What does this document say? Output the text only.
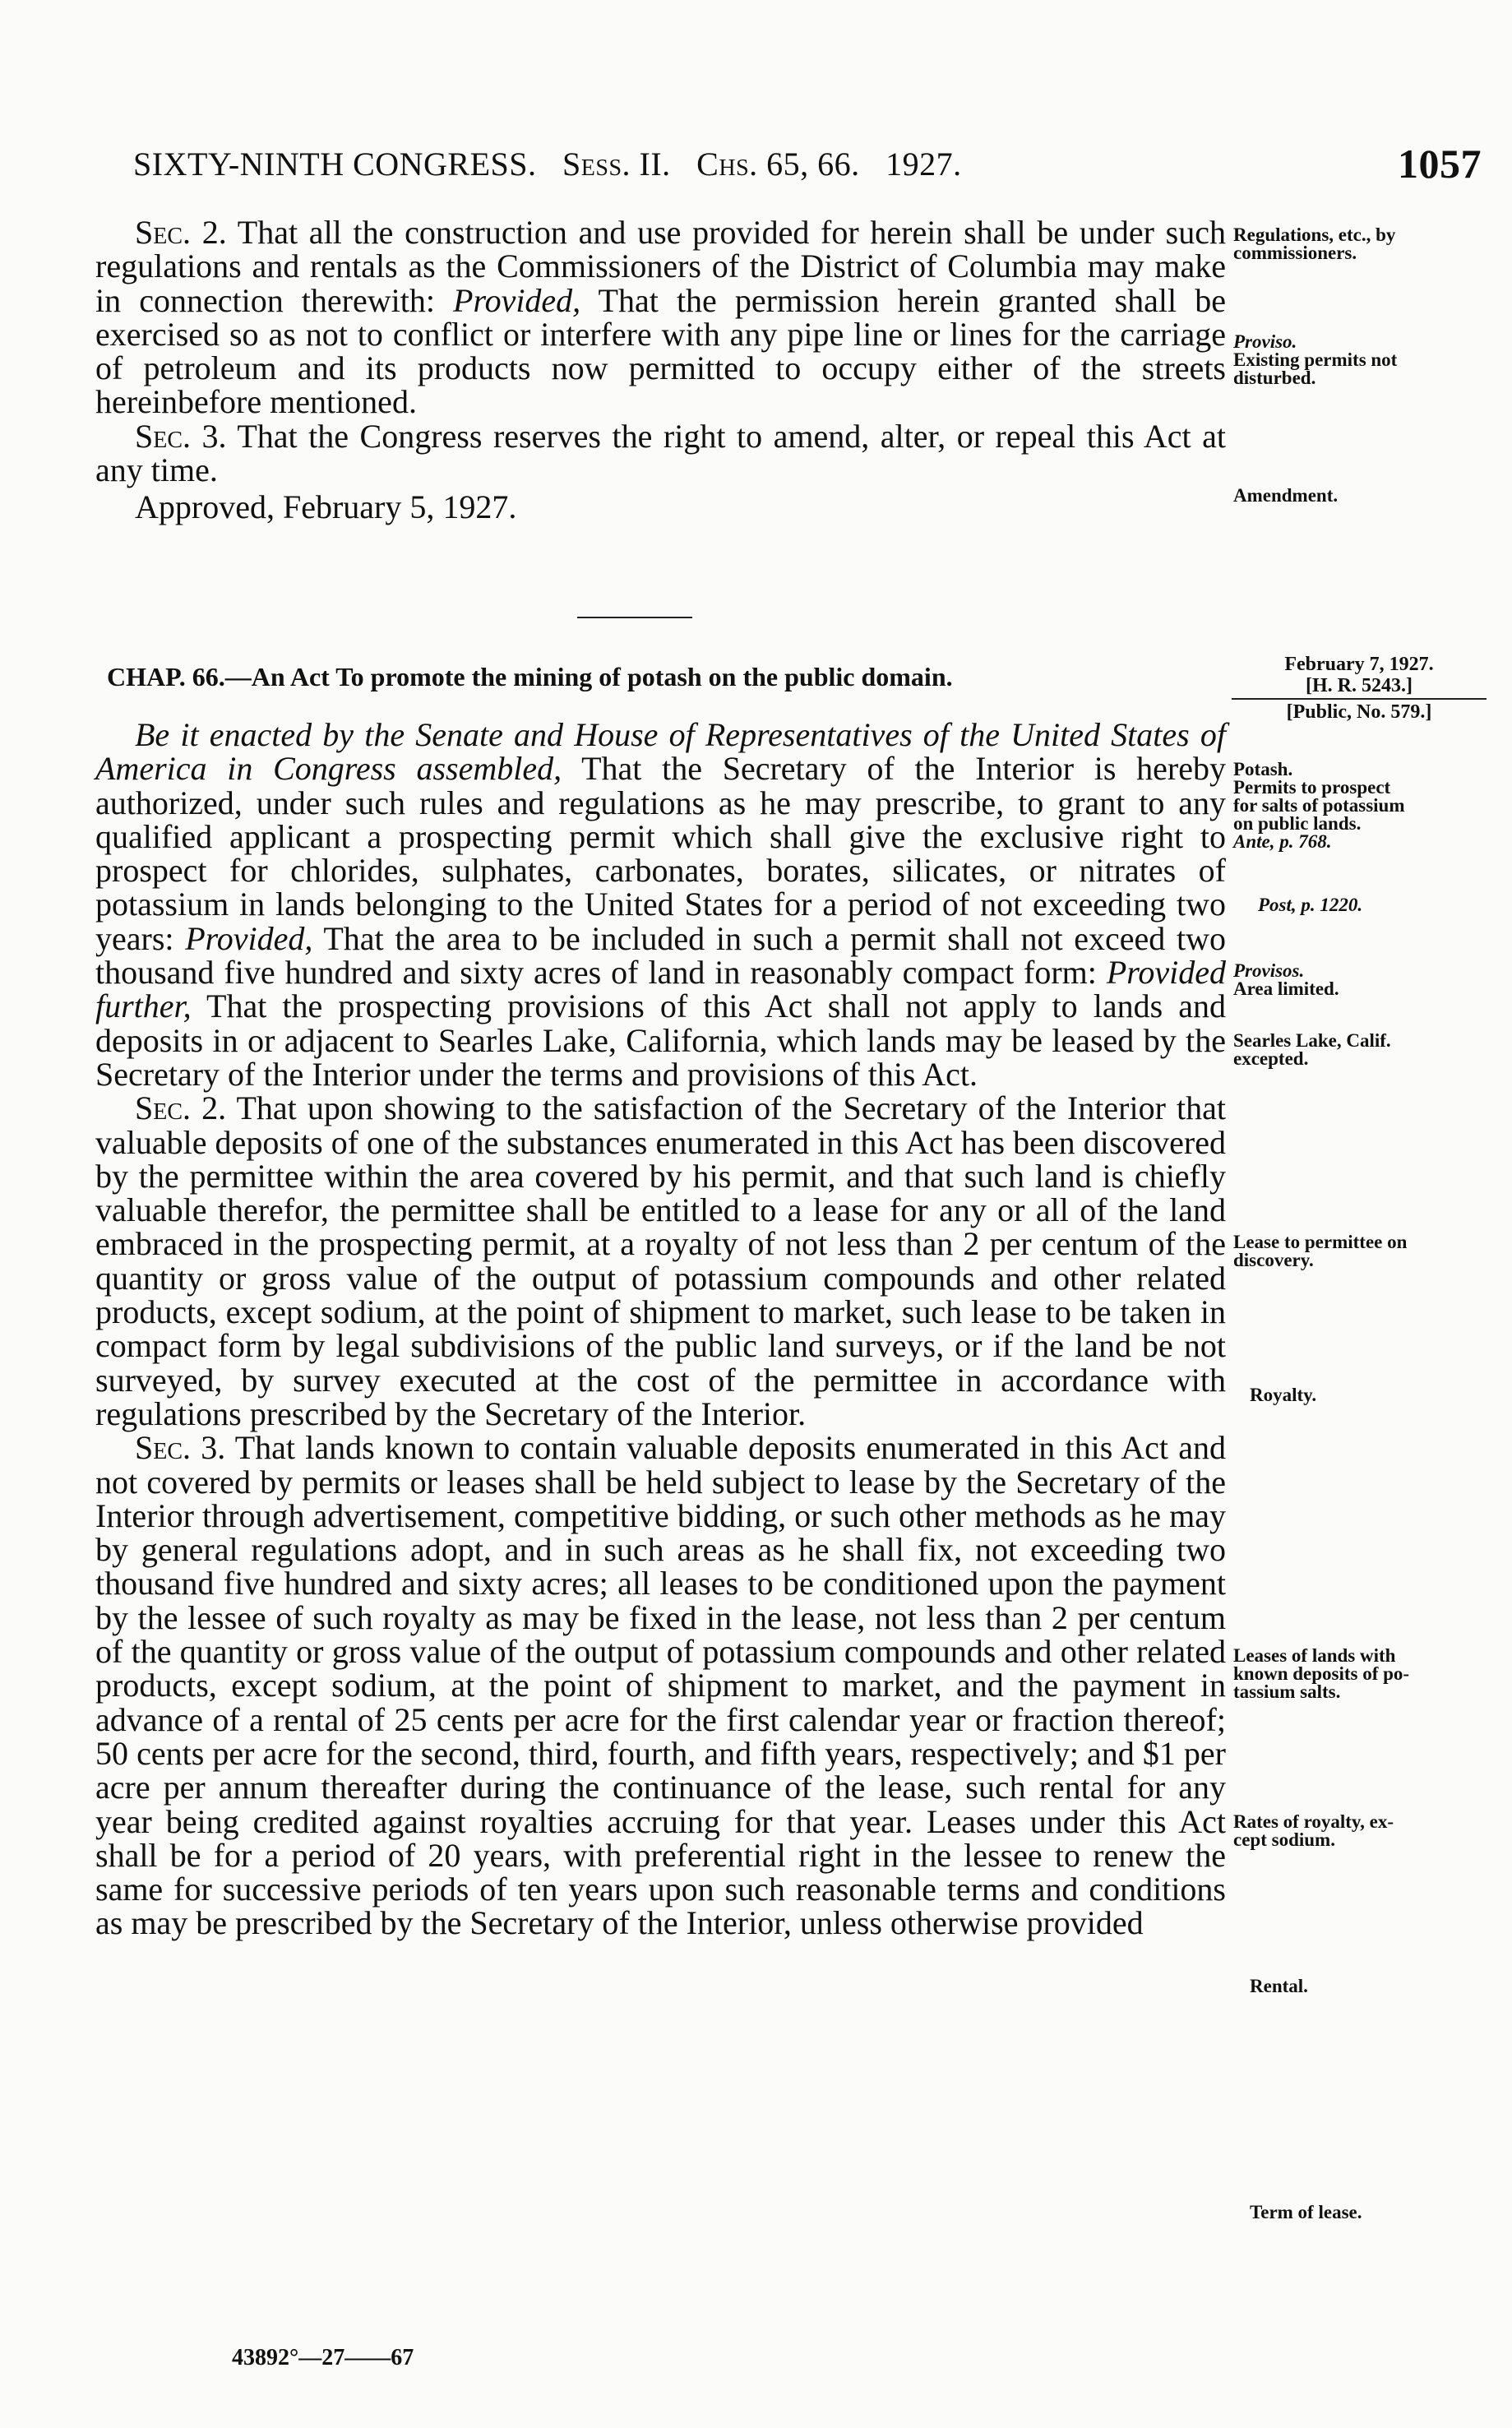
SIXTY-NINTH CONGRESS. Sess. II. Chs. 65, 66. 1927.	1057

Sec. 2. That all the construction and use provided for herein shall be under such regulations and rentals as the Commissioners of the District of Columbia may make in connection therewith: Provided, That the permission herein granted shall be exercised so as not to conflict or interfere with any pipe line or lines for the carriage of petroleum and its products now permitted to occupy either of the streets hereinbefore mentioned.

Sec. 3. That the Congress reserves the right to amend, alter, or repeal this Act at any time.

Approved, February 5, 1927.

CHAP. 66.—An Act To promote the mining of potash on the public domain.	February 7, 1927.
[H. R. 5243.]
[Public, No. 579.]

Be it enacted by the Senate and House of Representatives of the United States of America in Congress assembled, That the Secretary of the Interior is hereby authorized, under such rules and regulations as he may prescribe, to grant to any qualified applicant a prospecting permit which shall give the exclusive right to prospect for chlorides, sulphates, carbonates, borates, silicates, or nitrates of potassium in lands belonging to the United States for a period of not exceeding two years: Provided, That the area to be included in such a permit shall not exceed two thousand five hundred and sixty acres of land in reasonably compact form: Provided further, That the prospecting provisions of this Act shall not apply to lands and deposits in or adjacent to Searles Lake, California, which lands may be leased by the Secretary of the Interior under the terms and provisions of this Act.

Sec. 2. That upon showing to the satisfaction of the Secretary of the Interior that valuable deposits of one of the substances enumerated in this Act has been discovered by the permittee within the area covered by his permit, and that such land is chiefly valuable therefor, the permittee shall be entitled to a lease for any or all of the land embraced in the prospecting permit, at a royalty of not less than 2 per centum of the quantity or gross value of the output of potassium compounds and other related products, except sodium, at the point of shipment to market, such lease to be taken in compact form by legal subdivisions of the public land surveys, or if the land be not surveyed, by survey executed at the cost of the permittee in accordance with regulations prescribed by the Secretary of the Interior.

Sec. 3. That lands known to contain valuable deposits enumerated in this Act and not covered by permits or leases shall be held subject to lease by the Secretary of the Interior through advertisement, competitive bidding, or such other methods as he may by general regulations adopt, and in such areas as he shall fix, not exceeding two thousand five hundred and sixty acres; all leases to be conditioned upon the payment by the lessee of such royalty as may be fixed in the lease, not less than 2 per centum of the quantity or gross value of the output of potassium compounds and other related products, except sodium, at the point of shipment to market, and the payment in advance of a rental of 25 cents per acre for the first calendar year or fraction thereof; 50 cents per acre for the second, third, fourth, and fifth years, respectively; and $1 per acre per annum thereafter during the continuance of the lease, such rental for any year being credited against royalties accruing for that year. Leases under this Act shall be for a period of 20 years, with preferential right in the lessee to renew the same for successive periods of ten years upon such reasonable terms and conditions as may be prescribed by the Secretary of the Interior, unless otherwise provided

43892°—27——67
Regulations, etc., by
commissioners.
Proviso.
Existing permits not
disturbed.
Amendment.
Potash.
Permits to prospect
for salts of potassium
on public lands.
Ante, p. 768.
Post, p. 1220.
Provisos.
Area limited.
Searles Lake, Calif.
excepted.
Lease to permittee on
discovery.
Royalty.
Leases of lands with
known deposits of po-
tassium salts.
Rates of royalty, ex-
cept sodium.
Rental.
Term of lease.
